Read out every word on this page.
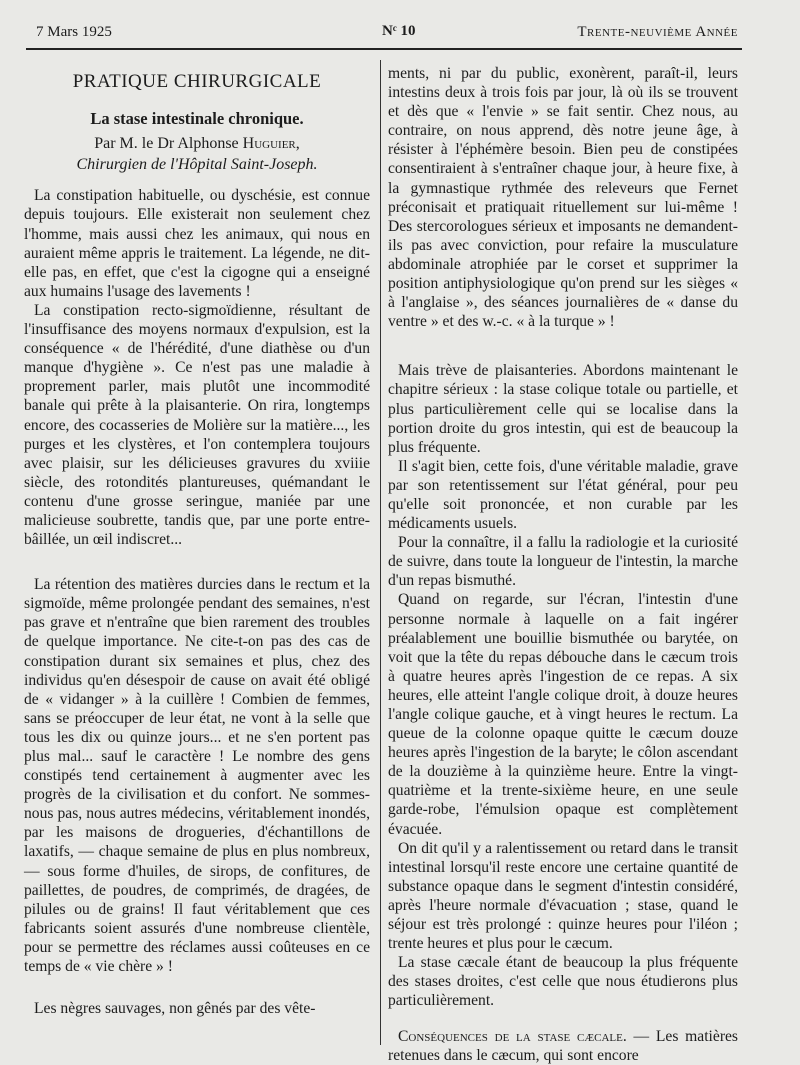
7 Mars 1925	Nᶜ 10	Trente-neuvième Année
PRATIQUE CHIRURGICALE
La stase intestinale chronique.
Par M. le Dr Alphonse Huguier,
Chirurgien de l'Hôpital Saint-Joseph.

La constipation habituelle, ou dyschésie, est connue depuis toujours. Elle existerait non seulement chez l'homme, mais aussi chez les animaux, qui nous en auraient même appris le traitement. La légende, ne dit-elle pas, en effet, que c'est la cigogne qui a enseigné aux humains l'usage des lavements !

La constipation recto-sigmoïdienne, résultant de l'insuffisance des moyens normaux d'expulsion, est la conséquence « de l'hérédité, d'une diathèse ou d'un manque d'hygiène ». Ce n'est pas une maladie à proprement parler, mais plutôt une incommodité banale qui prête à la plaisanterie. On rira, longtemps encore, des cocasseries de Molière sur la matière..., les purges et les clystères, et l'on contemplera toujours avec plaisir, sur les délicieuses gravures du xviiie siècle, des rotondités plantureuses, quémandant le contenu d'une grosse seringue, maniée par une malicieuse soubrette, tandis que, par une porte entre-bâillée, un œil indiscret...

La rétention des matières durcies dans le rectum et la sigmoïde, même prolongée pendant des semaines, n'est pas grave et n'entraîne que bien rarement des troubles de quelque importance. Ne cite-t-on pas des cas de constipation durant six semaines et plus, chez des individus qu'en désespoir de cause on avait été obligé de « vidanger » à la cuillère ! Combien de femmes, sans se préoccuper de leur état, ne vont à la selle que tous les dix ou quinze jours... et ne s'en portent pas plus mal... sauf le caractère ! Le nombre des gens constipés tend certainement à augmenter avec les progrès de la civilisation et du confort. Ne sommes-nous pas, nous autres médecins, véritablement inondés, par les maisons de drogueries, d'échantillons de laxatifs, — chaque semaine de plus en plus nombreux, — sous forme d'huiles, de sirops, de confitures, de paillettes, de poudres, de comprimés, de dragées, de pilules ou de grains! Il faut véritablement que ces fabricants soient assurés d'une nombreuse clientèle, pour se permettre des réclames aussi coûteuses en ce temps de « vie chère » !

Les nègres sauvages, non gênés par des vête-

ments, ni par du public, exonèrent, paraît-il, leurs intestins deux à trois fois par jour, là où ils se trouvent et dès que « l'envie » se fait sentir. Chez nous, au contraire, on nous apprend, dès notre jeune âge, à résister à l'éphémère besoin. Bien peu de constipées consentiraient à s'entraîner chaque jour, à heure fixe, à la gymnastique rythmée des releveurs que Fernet préconisait et pratiquait rituellement sur lui-même ! Des stercorologues sérieux et imposants ne demandent-ils pas avec conviction, pour refaire la musculature abdominale atrophiée par le corset et supprimer la position antiphysiologique qu'on prend sur les sièges « à l'anglaise », des séances journalières de « danse du ventre » et des w.-c. « à la turque » !

Mais trève de plaisanteries. Abordons maintenant le chapitre sérieux : la stase colique totale ou partielle, et plus particulièrement celle qui se localise dans la portion droite du gros intestin, qui est de beaucoup la plus fréquente.

Il s'agit bien, cette fois, d'une véritable maladie, grave par son retentissement sur l'état général, pour peu qu'elle soit prononcée, et non curable par les médicaments usuels.

Pour la connaître, il a fallu la radiologie et la curiosité de suivre, dans toute la longueur de l'intestin, la marche d'un repas bismuthé.

Quand on regarde, sur l'écran, l'intestin d'une personne normale à laquelle on a fait ingérer préalablement une bouillie bismuthée ou barytée, on voit que la tête du repas débouche dans le cæcum trois à quatre heures après l'ingestion de ce repas. A six heures, elle atteint l'angle colique droit, à douze heures l'angle colique gauche, et à vingt heures le rectum. La queue de la colonne opaque quitte le cæcum douze heures après l'ingestion de la baryte; le côlon ascendant de la douzième à la quinzième heure. Entre la vingt-quatrième et la trente-sixième heure, en une seule garde-robe, l'émulsion opaque est complètement évacuée.

On dit qu'il y a ralentissement ou retard dans le transit intestinal lorsqu'il reste encore une certaine quantité de substance opaque dans le segment d'intestin considéré, après l'heure normale d'évacuation ; stase, quand le séjour est très prolongé : quinze heures pour l'iléon ; trente heures et plus pour le cæcum.

La stase cæcale étant de beaucoup la plus fréquente des stases droites, c'est celle que nous étudierons plus particulièrement.

Conséquences de la stase cæcale. — Les matières retenues dans le cæcum, qui sont encore
